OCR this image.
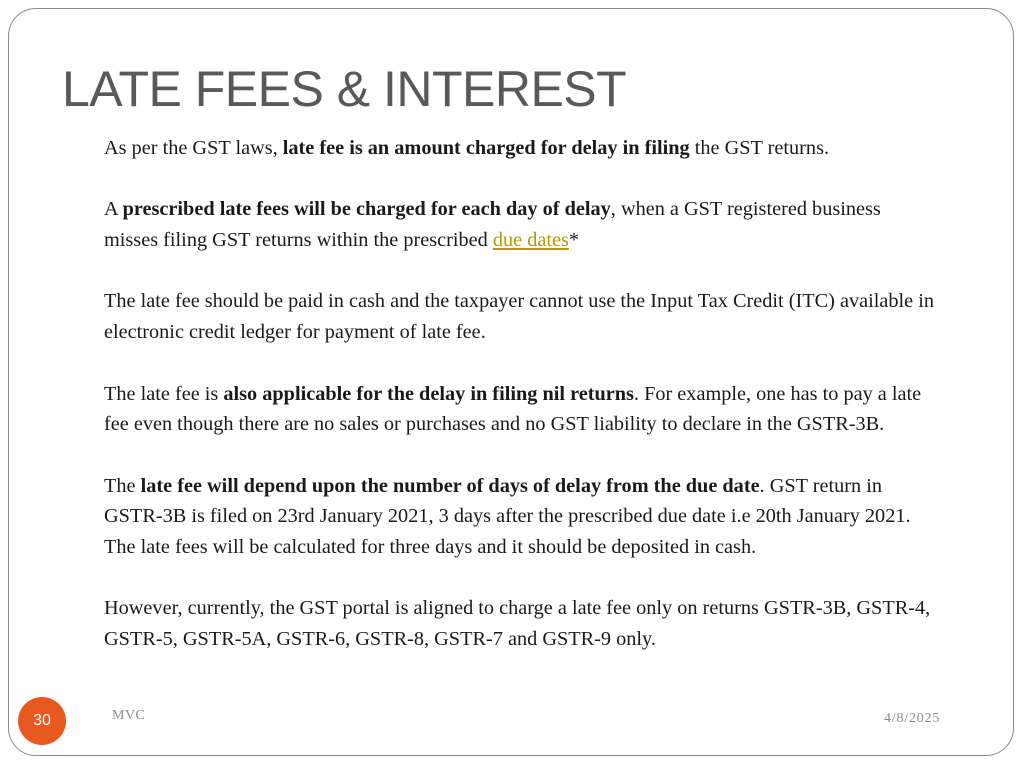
LATE FEES & INTEREST

As per the GST laws, late fee is an amount charged for delay in filing the GST returns.

A prescribed late fees will be charged for each day of delay, when a GST registered business misses filing GST returns within the prescribed due dates*

The late fee should be paid in cash and the taxpayer cannot use the Input Tax Credit (ITC) available in electronic credit ledger for payment of late fee.

The late fee is also applicable for the delay in filing nil returns. For example, one has to pay a late fee even though there are no sales or purchases and no GST liability to declare in the GSTR-3B.

The late fee will depend upon the number of days of delay from the due date. GST return in GSTR-3B is filed on 23rd January 2021, 3 days after the prescribed due date i.e 20th January 2021. The late fees will be calculated for three days and it should be deposited in cash.

However, currently, the GST portal is aligned to charge a late fee only on returns GSTR-3B, GSTR-4, GSTR-5, GSTR-5A, GSTR-6, GSTR-8, GSTR-7 and GSTR-9 only.

30	MVC	4/8/2025
